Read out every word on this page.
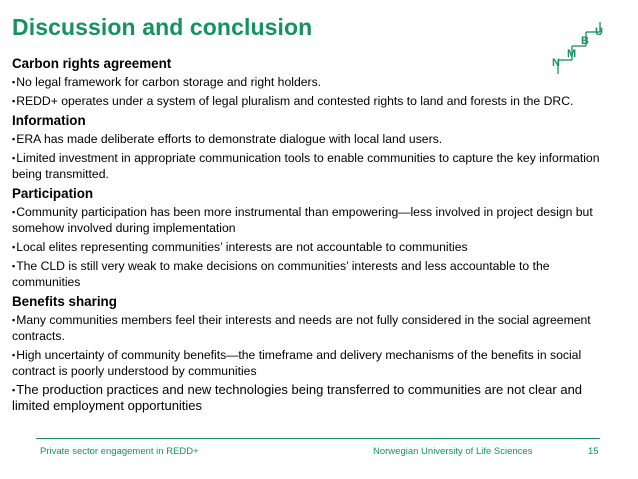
Discussion and conclusion	U
B
M
N
Carbon rights agreement
▪No legal framework for carbon storage and right holders.
▪REDD+ operates under a system of legal pluralism and contested rights to land and forests in the DRC.
Information
▪ERA has made deliberate efforts to demonstrate dialogue with local land users.
▪Limited investment in appropriate communication tools to enable communities to capture the key information being transmitted.
Participation
▪Community participation has been more instrumental than empowering—less involved in project design but somehow involved during implementation
▪Local elites representing communities’ interests are not accountable to communities
▪The CLD is still very weak to make decisions on communities’ interests and less accountable to the communities
Benefits sharing
▪Many communities members feel their interests and needs are not fully considered in the social agreement contracts.
▪High uncertainty of community benefits—the timeframe and delivery mechanisms of the benefits in social contract is poorly understood by communities
▪The production practices and new technologies being transferred to communities are not clear and limited employment opportunities
Private sector engagement in REDD+	Norwegian University of Life Sciences	15
